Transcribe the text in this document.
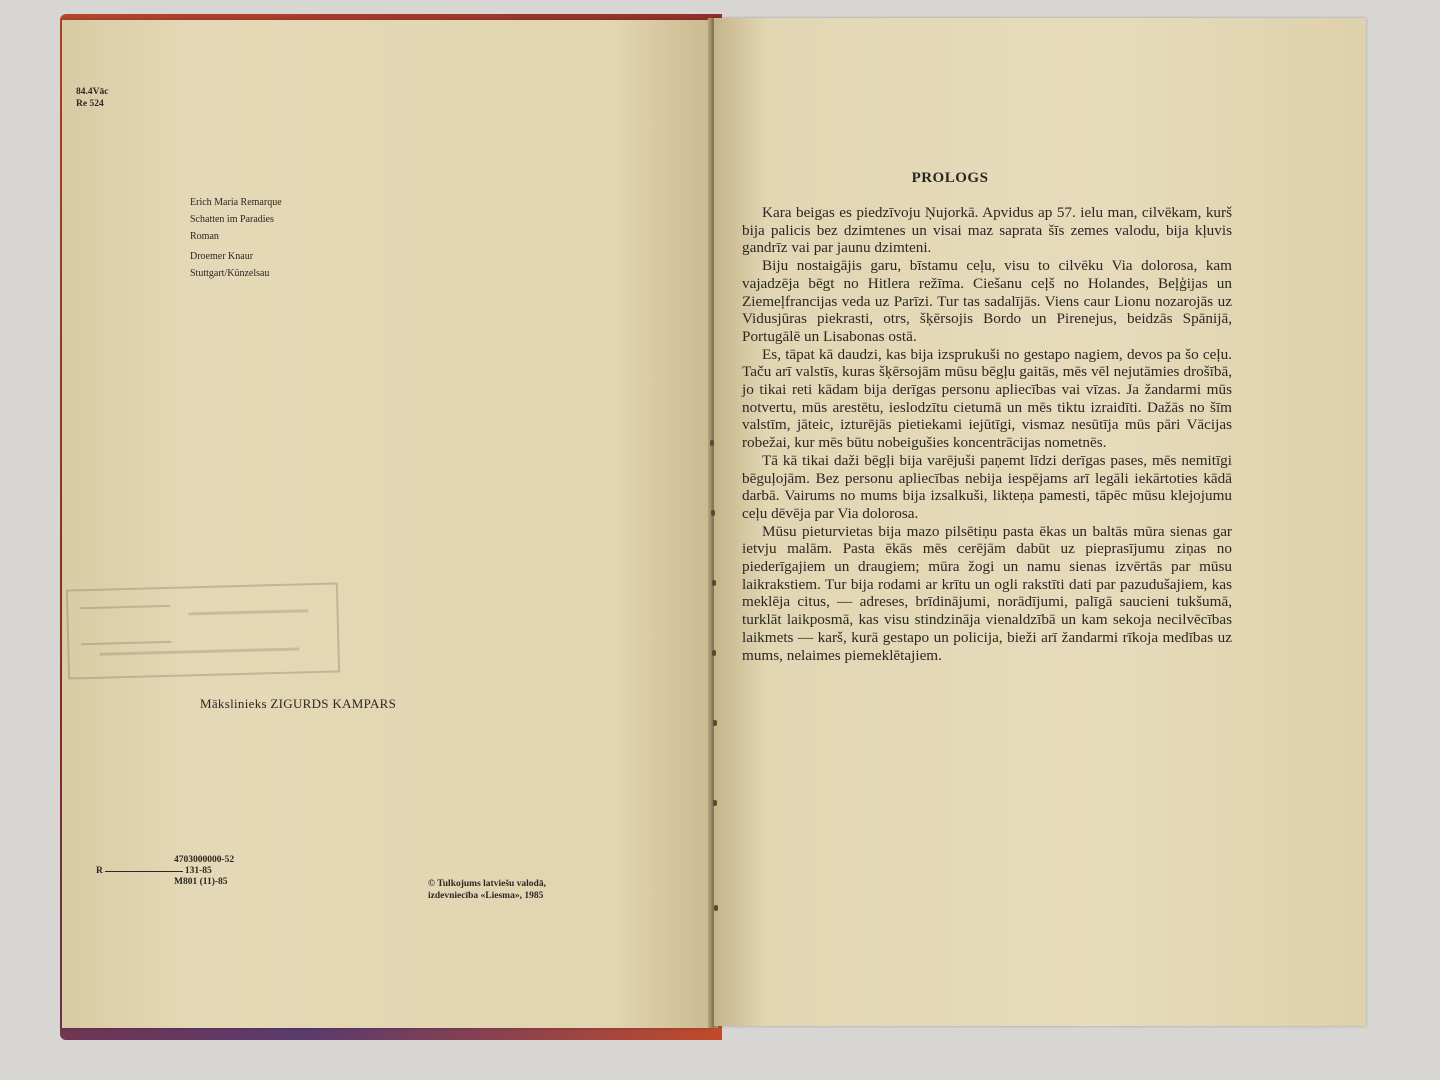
84.4Vāc
Re 524
Erich Maria Remarque
Schatten im Paradies
Roman
Droemer Knaur
Stuttgart/Künzelsau
Mākslinieks ZIGURDS KAMPARS
4703000000-52
R	131-85
M801 (11)-85	© Tulkojums latviešu valodā,
izdevniecība «Liesma», 1985
PROLOGS

Kara beigas es piedzīvoju Ņujorkā. Apvidus ap 57. ielu man, cilvēkam, kurš bija palicis bez dzimtenes un visai maz saprata šīs zemes valodu, bija kļuvis gandrīz vai par jaunu dzimteni.

Biju nostaigājis garu, bīstamu ceļu, visu to cilvēku Via dolorosa, kam vajadzēja bēgt no Hitlera režīma. Ciešanu ceļš no Holandes, Beļģijas un Ziemeļfrancijas veda uz Parīzi. Tur tas sadalījās. Viens caur Lionu nozarojās uz Vidusjūras piekrasti, otrs, šķērsojis Bordo un Pirenejus, beidzās Spānijā, Portugālē un Lisabonas ostā.

Es, tāpat kā daudzi, kas bija izsprukuši no gestapo nagiem, devos pa šo ceļu. Taču arī valstīs, kuras šķērsojām mūsu bēgļu gaitās, mēs vēl nejutāmies drošībā, jo tikai reti kādam bija derīgas personu apliecības vai vīzas. Ja žandarmi mūs notvertu, mūs arestētu, ieslodzītu cietumā un mēs tiktu izraidīti. Dažās no šīm valstīm, jāteic, izturējās pietiekami iejūtīgi, vismaz nesūtīja mūs pāri Vācijas robežai, kur mēs būtu nobeigušies koncentrācijas nometnēs.

Tā kā tikai daži bēgļi bija varējuši paņemt līdzi derīgas pases, mēs nemitīgi bēguļojām. Bez personu apliecības nebija iespējams arī legāli iekārtoties kādā darbā. Vairums no mums bija izsalkuši, likteņa pamesti, tāpēc mūsu klejojumu ceļu dēvēja par Via dolorosa.

Mūsu pieturvietas bija mazo pilsētiņu pasta ēkas un baltās mūra sienas gar ietvju malām. Pasta ēkās mēs cerējām dabūt uz pieprasījumu ziņas no piederīgajiem un draugiem; mūra žogi un namu sienas izvērtās par mūsu laikrakstiem. Tur bija rodami ar krītu un ogli rakstīti dati par pazudušajiem, kas meklēja citus, — adreses, brīdinājumi, norādījumi, palīgā saucieni tukšumā, turklāt laikposmā, kas visu stindzināja vienaldzībā un kam sekoja necilvēcības laikmets — karš, kurā gestapo un policija, bieži arī žandarmi rīkoja medības uz mums, nelaimes piemeklētajiem.
